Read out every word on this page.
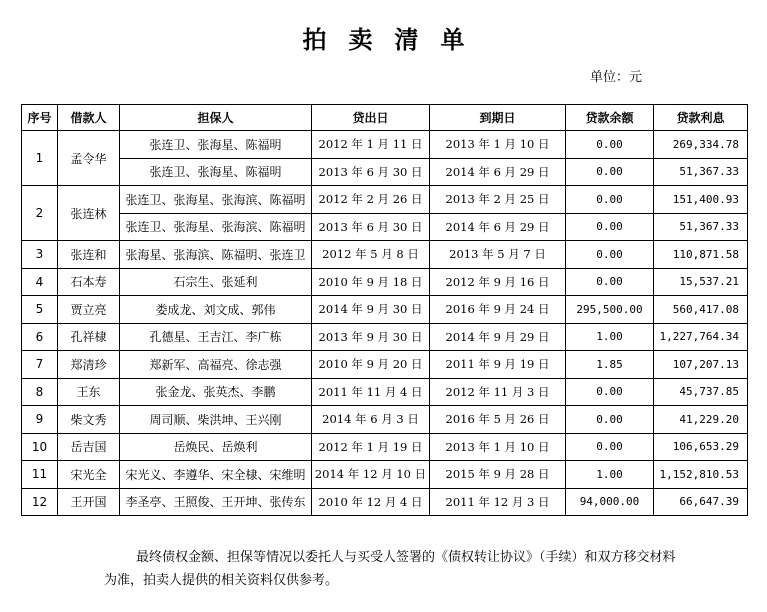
拍卖清单
单位：元
序号	借款人	担保人	贷出日	到期日	贷款余额	贷款利息
1	孟令华	张连卫、张海星、陈福明	2012 年 1 月 11 日	2013 年 1 月 10 日	0.00	269,334.78
		张连卫、张海星、陈福明	2013 年 6 月 30 日	2014 年 6 月 29 日	0.00	51,367.33
2	张连林	张连卫、张海星、张海滨、陈福明	2012 年 2 月 26 日	2013 年 2 月 25 日	0.00	151,400.93
		张连卫、张海星、张海滨、陈福明	2013 年 6 月 30 日	2014 年 6 月 29 日	0.00	51,367.33
3	张连和	张海星、张海滨、陈福明、张连卫	2012 年 5 月 8 日	2013 年 5 月 7 日	0.00	110,871.58
4	石本寿	石宗生、张延利	2010 年 9 月 18 日	2012 年 9 月 16 日	0.00	15,537.21
5	贾立亮	娄成龙、刘文成、郭伟	2014 年 9 月 30 日	2016 年 9 月 24 日	295,500.00	560,417.08
6	孔祥棣	孔德星、王吉江、李广栋	2013 年 9 月 30 日	2014 年 9 月 29 日	1.00	1,227,764.34
7	郑清珍	郑新军、高福亮、徐志强	2010 年 9 月 20 日	2011 年 9 月 19 日	1.85	107,207.13
8	王东	张金龙、张英杰、李鹏	2011 年 11 月 4 日	2012 年 11 月 3 日	0.00	45,737.85
9	柴文秀	周司顺、柴洪坤、王兴刚	2014 年 6 月 3 日	2016 年 5 月 26 日	0.00	41,229.20
10	岳吉国	岳焕民、岳焕利	2012 年 1 月 19 日	2013 年 1 月 10 日	0.00	106,653.29
11	宋光全	宋光义、李遵华、宋全棣、宋维明	2014 年 12 月 10 日	2015 年 9 月 28 日	1.00	1,152,810.53
12	王开国	李圣亭、王照俊、王开坤、张传东	2010 年 12 月 4 日	2011 年 12 月 3 日	94,000.00	66,647.39
最终债权金额、担保等情况以委托人与买受人签署的《债权转让协议》（手续）和双方移交材料为准，拍卖人提供的相关资料仅供参考。
